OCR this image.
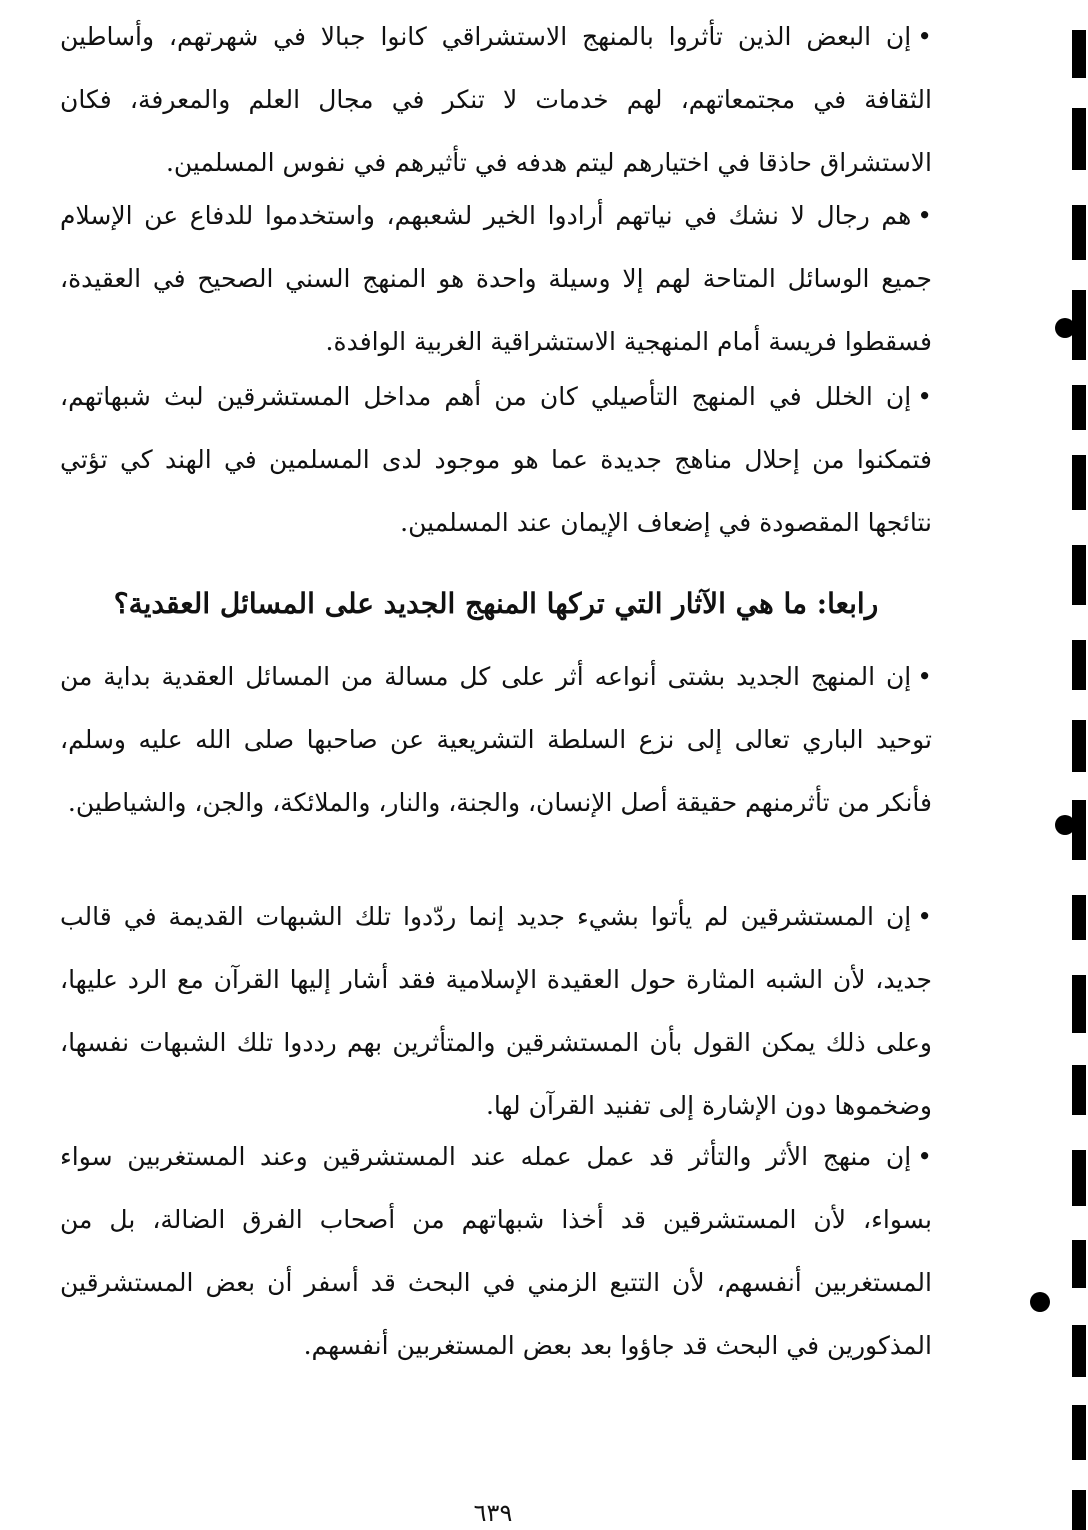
•إن البعض الذين تأثروا بالمنهج الاستشراقي كانوا جبالا في شهرتهم، وأساطين الثقافة في مجتمعاتهم، لهم خدمات لا تنكر في مجال العلم والمعرفة، فكان الاستشراق حاذقا في اختيارهم ليتم هدفه في تأثيرهم في نفوس المسلمين.

•هم رجال لا نشك في نياتهم أرادوا الخير لشعبهم، واستخدموا للدفاع عن الإسلام جميع الوسائل المتاحة لهم إلا وسيلة واحدة هو المنهج السني الصحيح في العقيدة، فسقطوا فريسة أمام المنهجية الاستشراقية الغربية الوافدة.

•إن الخلل في المنهج التأصيلي كان من أهم مداخل المستشرقين لبث شبهاتهم، فتمكنوا من إحلال مناهج جديدة عما هو موجود لدى المسلمين في الهند كي تؤتي نتائجها المقصودة في إضعاف الإيمان عند المسلمين.

رابعا: ما هي الآثار التي تركها المنهج الجديد على المسائل العقدية؟

•إن المنهج الجديد بشتى أنواعه أثر على كل مسالة من المسائل العقدية بداية من توحيد الباري تعالى إلى نزع السلطة التشريعية عن صاحبها صلى الله عليه وسلم، فأنكر من تأثرمنهم حقيقة أصل الإنسان، والجنة، والنار، والملائكة، والجن، والشياطين.

•إن المستشرقين لم يأتوا بشيء جديد إنما ردّدوا تلك الشبهات القديمة في قالب جديد، لأن الشبه المثارة حول العقيدة الإسلامية فقد أشار إليها القرآن مع الرد عليها، وعلى ذلك يمكن القول بأن المستشرقين والمتأثرين بهم رددوا تلك الشبهات نفسها، وضخموها دون الإشارة إلى تفنيد القرآن لها.

•إن منهج الأثر والتأثر قد عمل عمله عند المستشرقين وعند المستغربين سواء بسواء، لأن المستشرقين قد أخذا شبهاتهم من أصحاب الفرق الضالة، بل من المستغربين أنفسهم، لأن التتبع الزمني في البحث قد أسفر أن بعض المستشرقين المذكورين في البحث قد جاؤوا بعد بعض المستغربين أنفسهم.

٦٣٩
